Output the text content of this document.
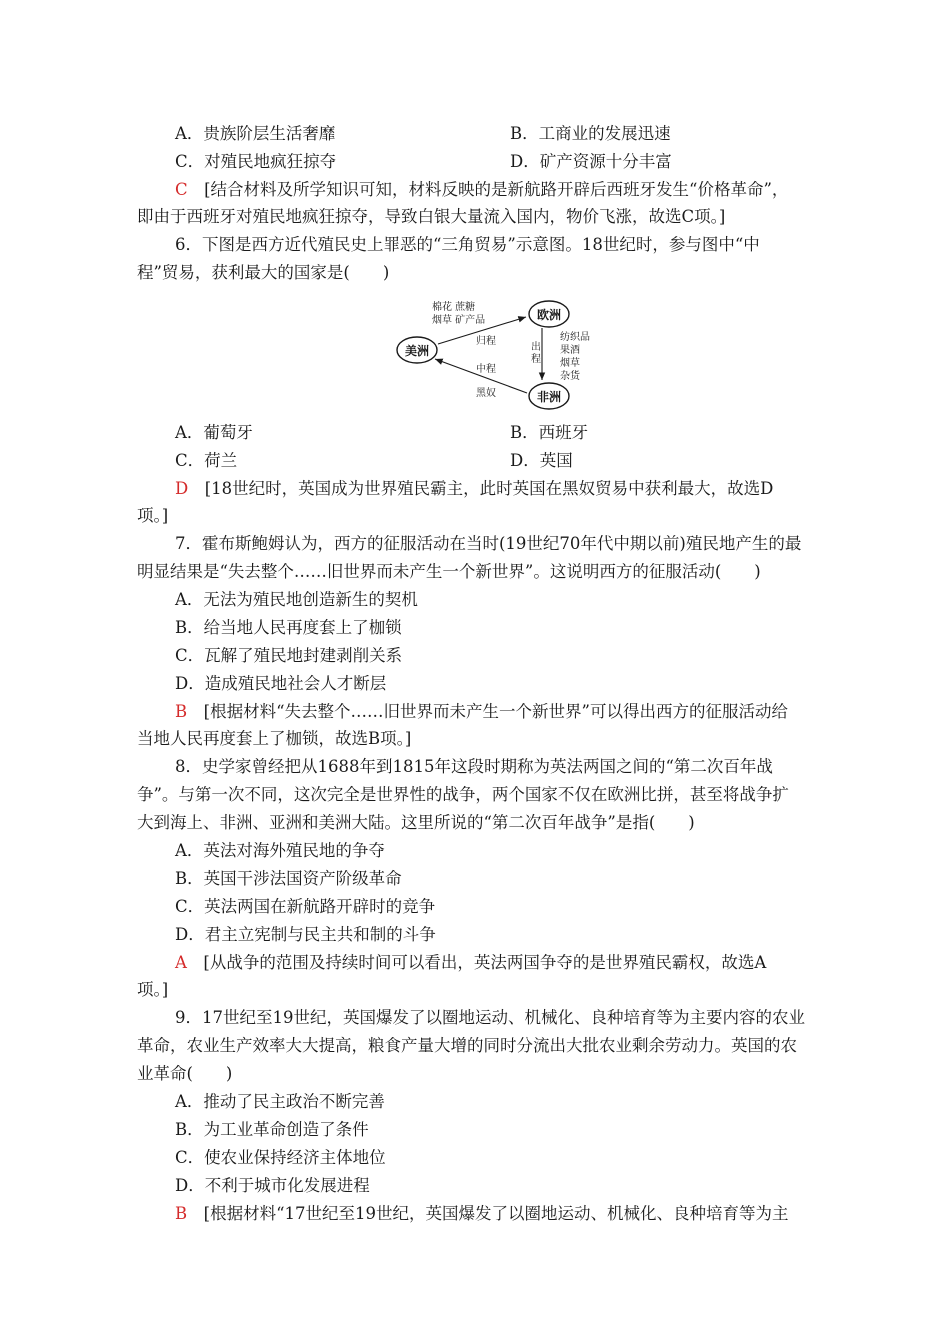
A．贵族阶层生活奢靡	B．工商业的发展迅速
C．对殖民地疯狂掠夺	D．矿产资源十分丰富
C　 [结合材料及所学知识可知，材料反映的是新航路开辟后西班牙发生“价格革命”，
即由于西班牙对殖民地疯狂掠夺，导致白银大量流入国内，物价飞涨，故选C项。]
6．下图是西方近代殖民史上罪恶的“三角贸易”示意图。18世纪时，参与图中“中
程”贸易，获利最大的国家是(　　)
美洲
欧洲
非洲
棉花 蔗糖
烟草 矿产品
归程
出
程
纺织品
果酒
烟草
杂货
中程
黑奴
A．葡萄牙	B．西班牙
C．荷兰	D．英国
D　 [18世纪时，英国成为世界殖民霸主，此时英国在黑奴贸易中获利最大，故选D
项。]
7．霍布斯鲍姆认为，西方的征服活动在当时(19世纪70年代中期以前)殖民地产生的最
明显结果是“失去整个……旧世界而未产生一个新世界”。这说明西方的征服活动(　　)
A．无法为殖民地创造新生的契机
B．给当地人民再度套上了枷锁
C．瓦解了殖民地封建剥削关系
D．造成殖民地社会人才断层
B　 [根据材料“失去整个……旧世界而未产生一个新世界”可以得出西方的征服活动给
当地人民再度套上了枷锁，故选B项。]
8．史学家曾经把从1688年到1815年这段时期称为英法两国之间的“第二次百年战
争”。与第一次不同，这次完全是世界性的战争，两个国家不仅在欧洲比拼，甚至将战争扩
大到海上、非洲、亚洲和美洲大陆。这里所说的“第二次百年战争”是指(　　)
A．英法对海外殖民地的争夺
B．英国干涉法国资产阶级革命
C．英法两国在新航路开辟时的竞争
D．君主立宪制与民主共和制的斗争
A　 [从战争的范围及持续时间可以看出，英法两国争夺的是世界殖民霸权，故选A
项。]
9．17世纪至19世纪，英国爆发了以圈地运动、机械化、良种培育等为主要内容的农业
革命，农业生产效率大大提高，粮食产量大增的同时分流出大批农业剩余劳动力。英国的农
业革命(　　)
A．推动了民主政治不断完善
B．为工业革命创造了条件
C．使农业保持经济主体地位
D．不利于城市化发展进程
B　 [根据材料“17世纪至19世纪，英国爆发了以圈地运动、机械化、良种培育等为主
